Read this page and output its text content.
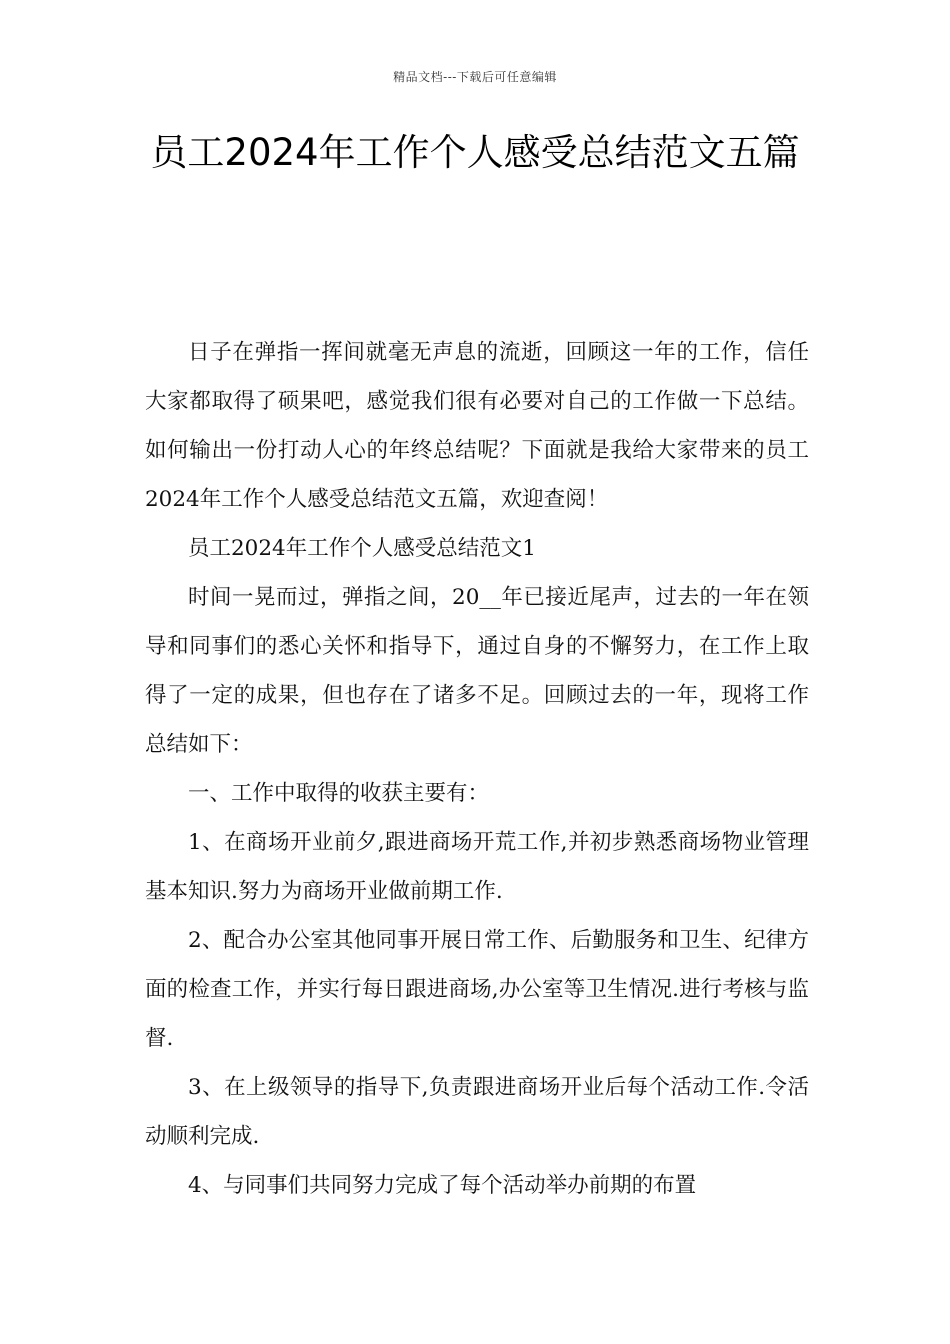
精品文档---下载后可任意编辑
员工2024年工作个人感受总结范文五篇

日子在弹指一挥间就毫无声息的流逝，回顾这一年的工作，信任大家都取得了硕果吧，感觉我们很有必要对自己的工作做一下总结。如何输出一份打动人心的年终总结呢？下面就是我给大家带来的员工2024年工作个人感受总结范文五篇，欢迎查阅！

员工2024年工作个人感受总结范文1

时间一晃而过，弹指之间，20__年已接近尾声，过去的一年在领导和同事们的悉心关怀和指导下，通过自身的不懈努力，在工作上取得了一定的成果，但也存在了诸多不足。回顾过去的一年，现将工作总结如下：

一、工作中取得的收获主要有：

1、在商场开业前夕,跟进商场开荒工作,并初步熟悉商场物业管理基本知识.努力为商场开业做前期工作.

2、配合办公室其他同事开展日常工作、后勤服务和卫生、纪律方面的检查工作，并实行每日跟进商场,办公室等卫生情况.进行考核与监督.

3、在上级领导的指导下,负责跟进商场开业后每个活动工作.令活动顺利完成.

4、与同事们共同努力完成了每个活动举办前期的布置
